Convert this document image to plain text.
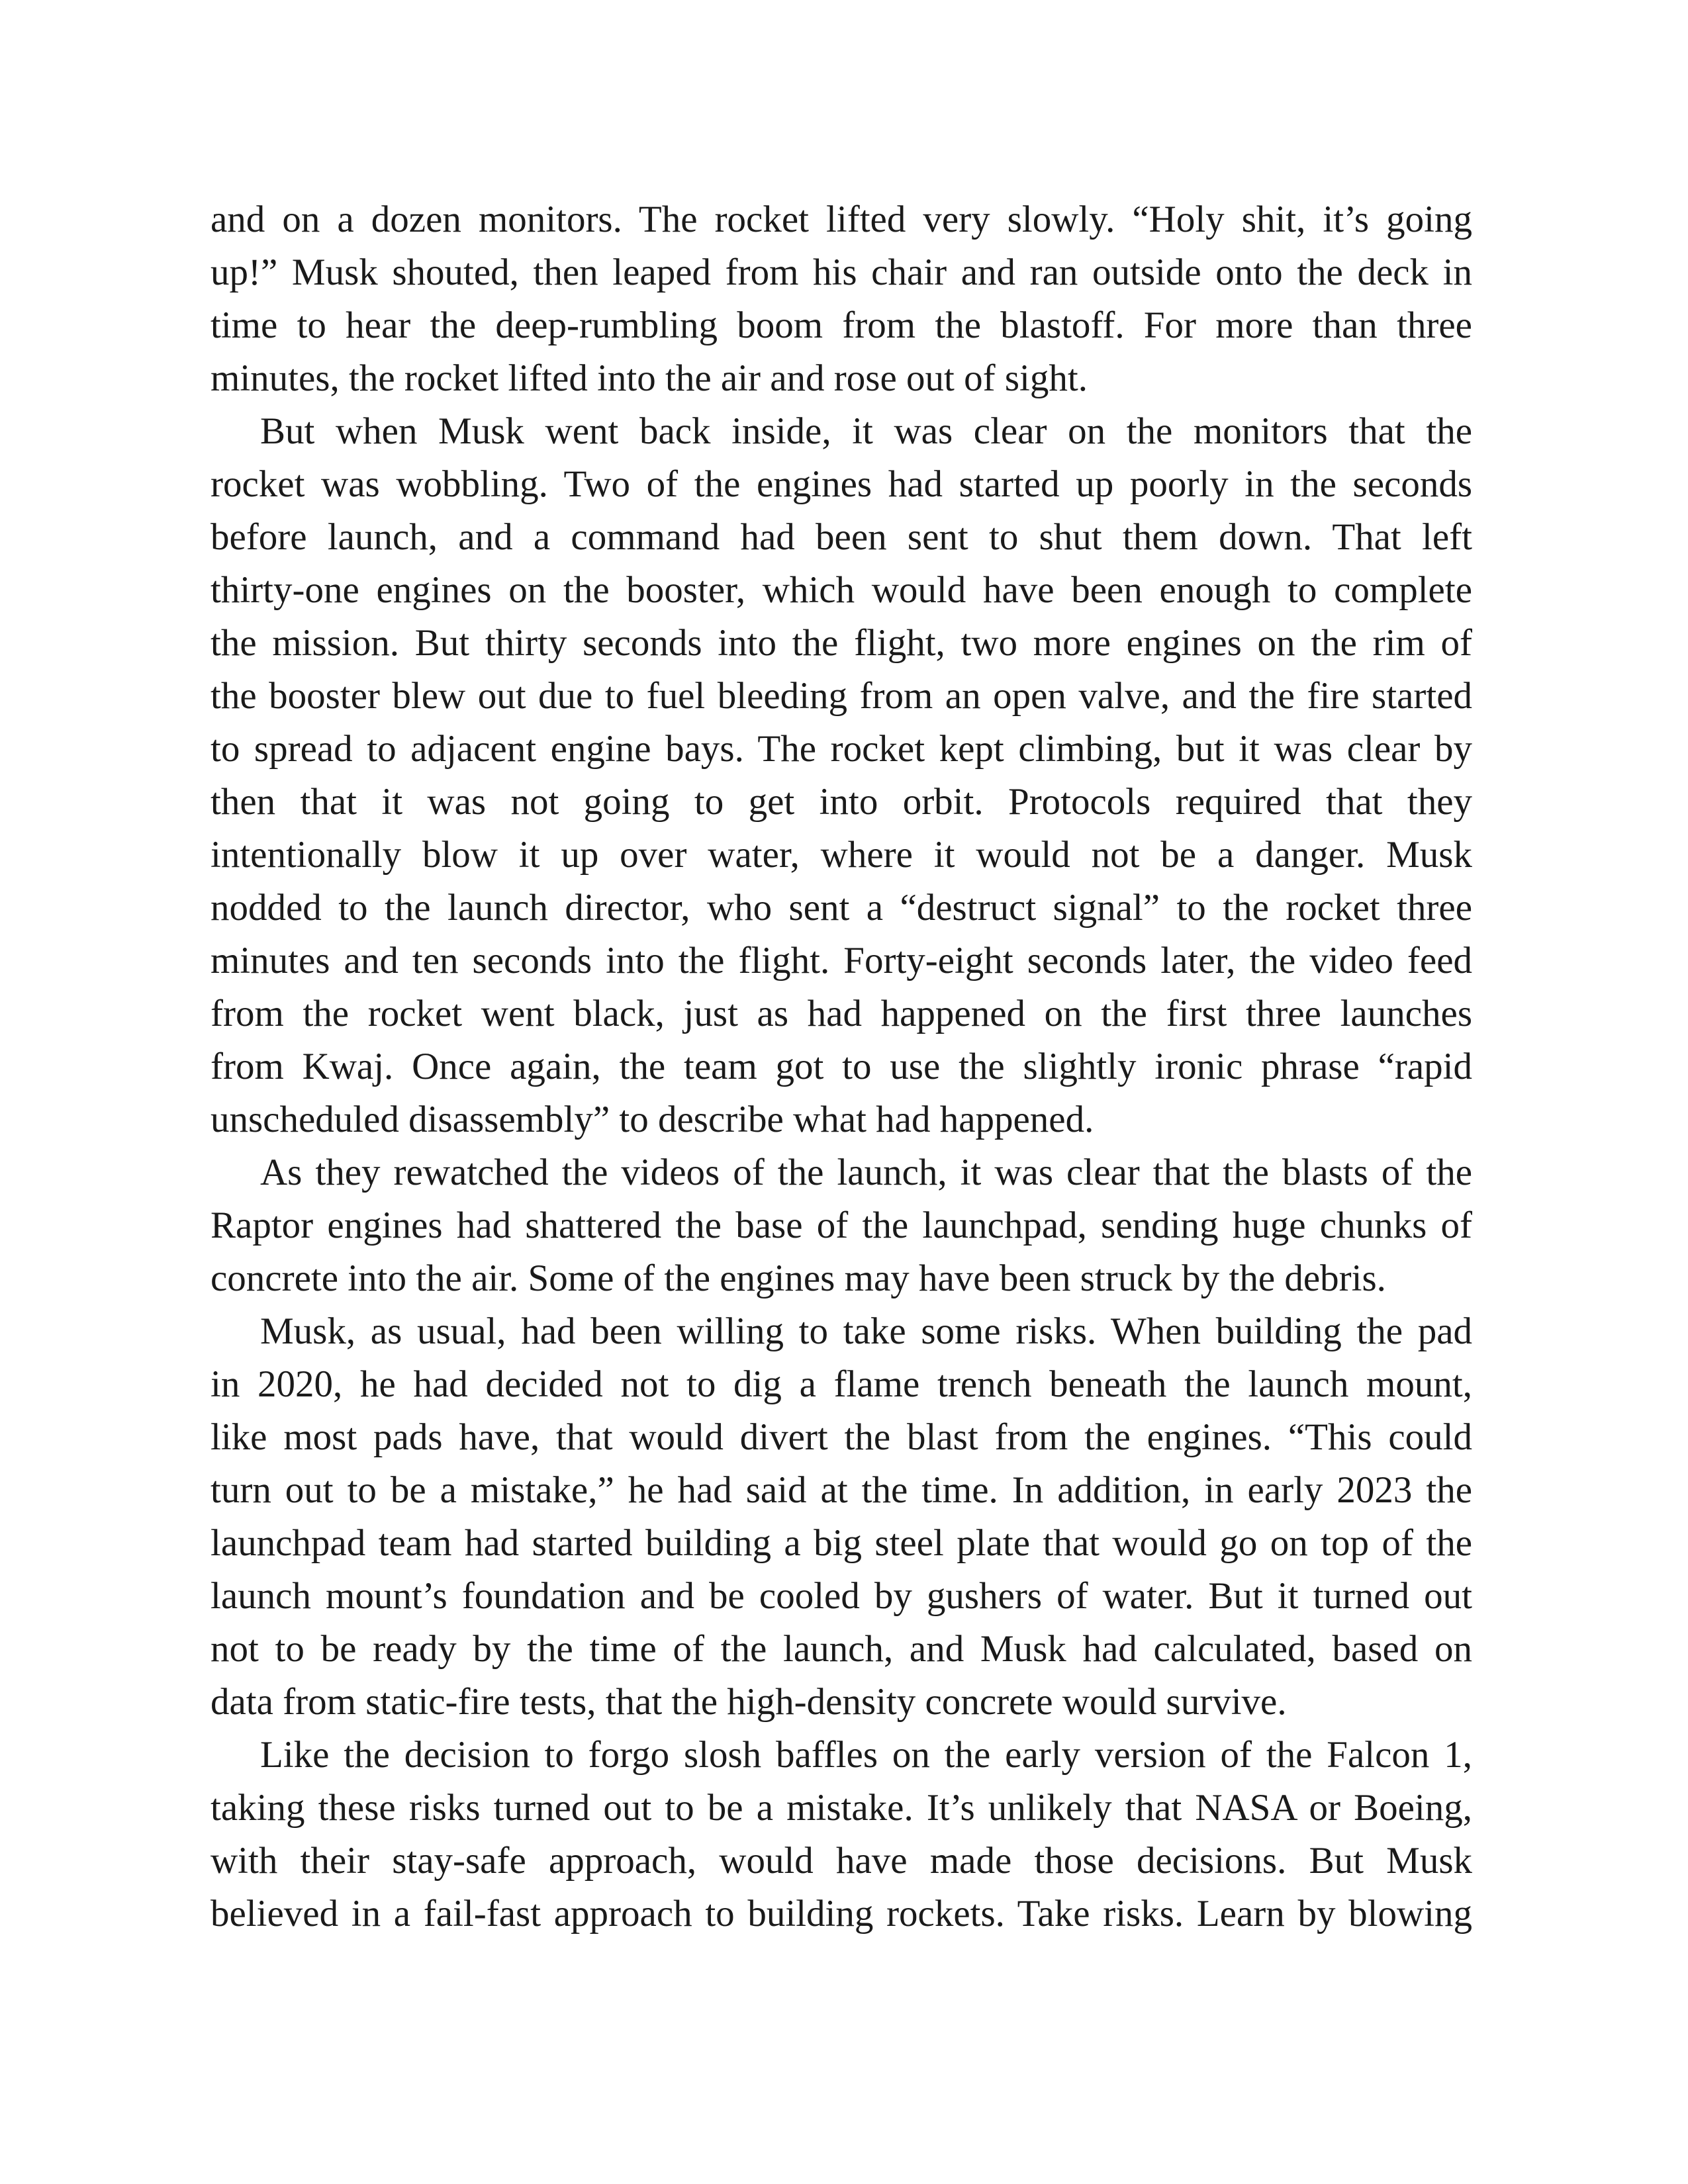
and on a dozen monitors. The rocket lifted very slowly. “Holy shit, it’s going
up!” Musk shouted, then leaped from his chair and ran outside onto the deck in
time to hear the deep-rumbling boom from the blastoff. For more than three
minutes, the rocket lifted into the air and rose out of sight.
But when Musk went back inside, it was clear on the monitors that the
rocket was wobbling. Two of the engines had started up poorly in the seconds
before launch, and a command had been sent to shut them down. That left
thirty-one engines on the booster, which would have been enough to complete
the mission. But thirty seconds into the flight, two more engines on the rim of
the booster blew out due to fuel bleeding from an open valve, and the fire started
to spread to adjacent engine bays. The rocket kept climbing, but it was clear by
then that it was not going to get into orbit. Protocols required that they
intentionally blow it up over water, where it would not be a danger. Musk
nodded to the launch director, who sent a “destruct signal” to the rocket three
minutes and ten seconds into the flight. Forty-eight seconds later, the video feed
from the rocket went black, just as had happened on the first three launches
from Kwaj. Once again, the team got to use the slightly ironic phrase “rapid
unscheduled disassembly” to describe what had happened.
As they rewatched the videos of the launch, it was clear that the blasts of the
Raptor engines had shattered the base of the launchpad, sending huge chunks of
concrete into the air. Some of the engines may have been struck by the debris.
Musk, as usual, had been willing to take some risks. When building the pad
in 2020, he had decided not to dig a flame trench beneath the launch mount,
like most pads have, that would divert the blast from the engines. “This could
turn out to be a mistake,” he had said at the time. In addition, in early 2023 the
launchpad team had started building a big steel plate that would go on top of the
launch mount’s foundation and be cooled by gushers of water. But it turned out
not to be ready by the time of the launch, and Musk had calculated, based on
data from static-fire tests, that the high-density concrete would survive.
Like the decision to forgo slosh baffles on the early version of the Falcon 1,
taking these risks turned out to be a mistake. It’s unlikely that NASA or Boeing,
with their stay-safe approach, would have made those decisions. But Musk
believed in a fail-fast approach to building rockets. Take risks. Learn by blowing
